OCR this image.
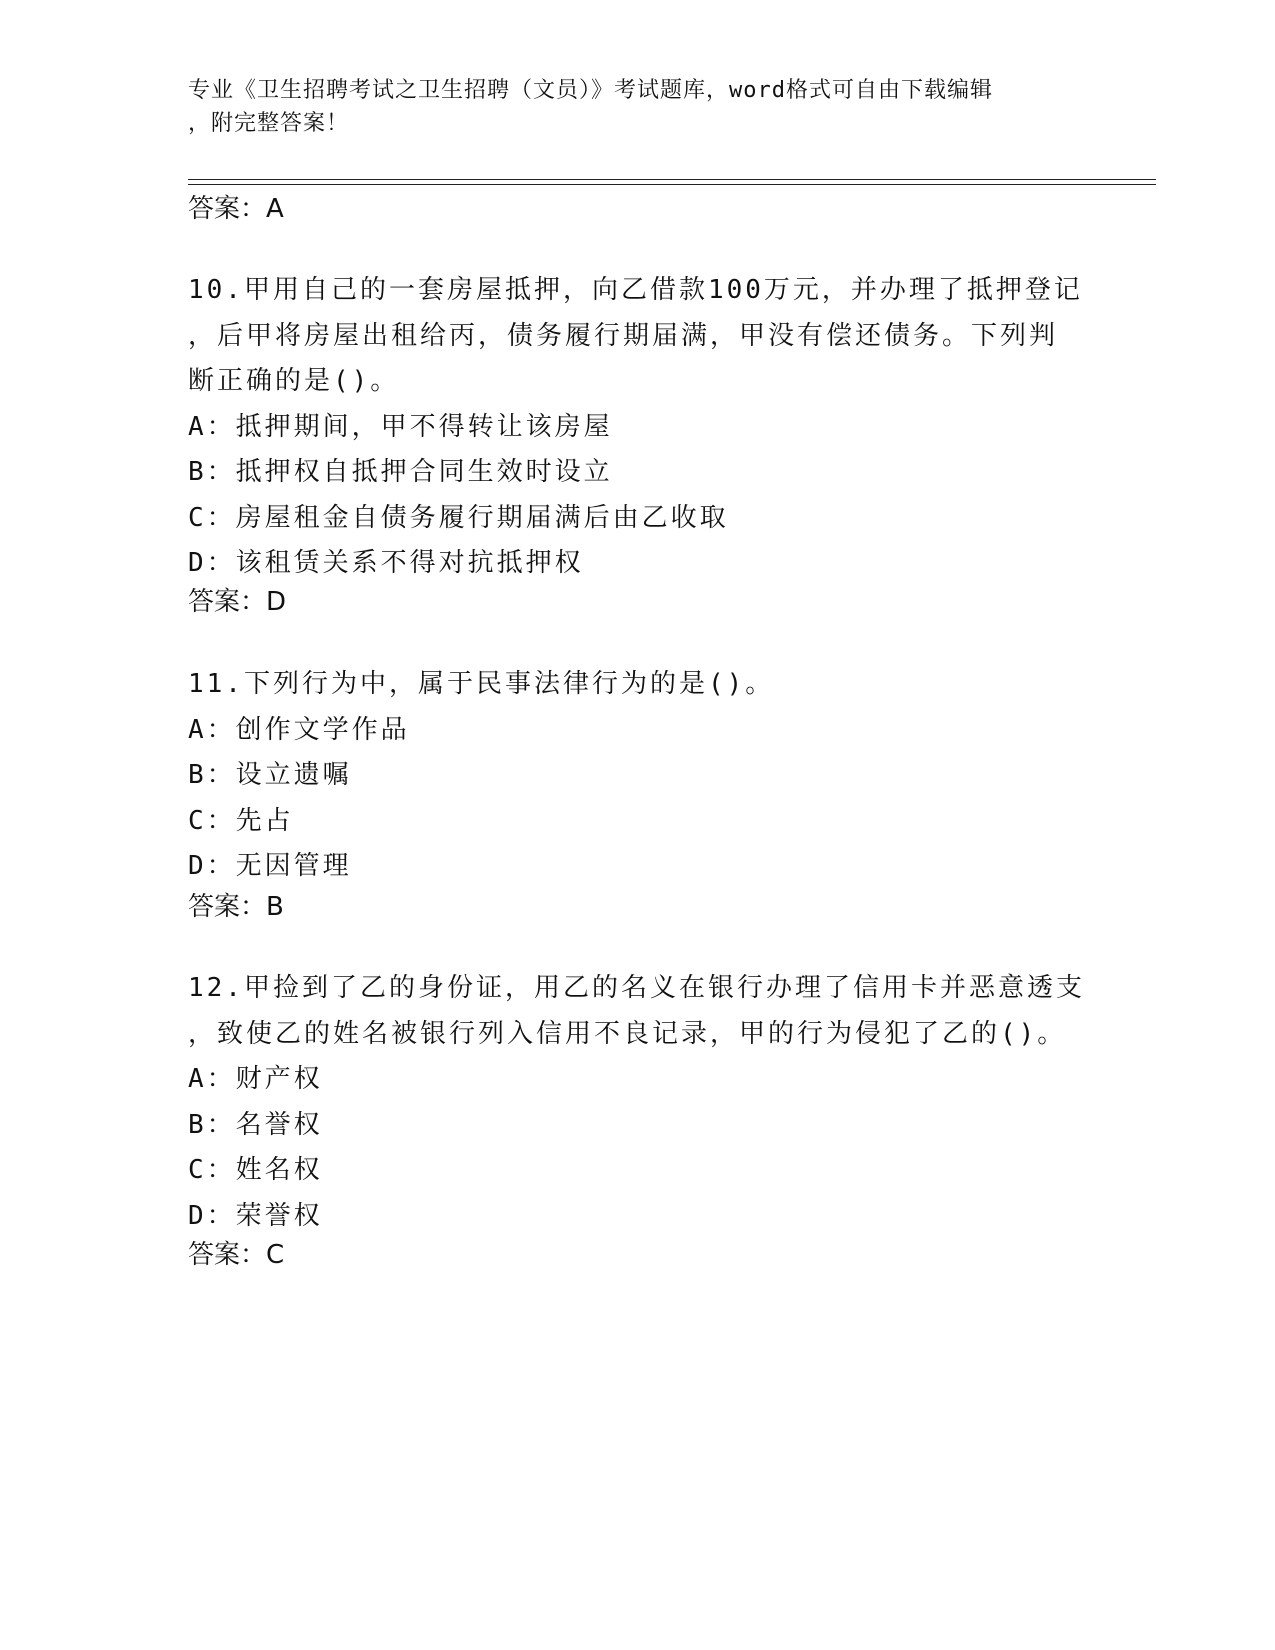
专业《卫生招聘考试之卫生招聘（文员）》考试题库，word格式可自由下载编辑
，附完整答案！
答案：A
10.甲用自己的一套房屋抵押，向乙借款100万元，并办理了抵押登记
，后甲将房屋出租给丙，债务履行期届满，甲没有偿还债务。下列判
断正确的是()。
A：抵押期间，甲不得转让该房屋
B：抵押权自抵押合同生效时设立
C：房屋租金自债务履行期届满后由乙收取
D：该租赁关系不得对抗抵押权
答案：D
11.下列行为中，属于民事法律行为的是()。
A：创作文学作品
B：设立遗嘱
C：先占
D：无因管理
答案：B
12.甲捡到了乙的身份证，用乙的名义在银行办理了信用卡并恶意透支
，致使乙的姓名被银行列入信用不良记录，甲的行为侵犯了乙的()。
A：财产权
B：名誉权
C：姓名权
D：荣誉权
答案：C
